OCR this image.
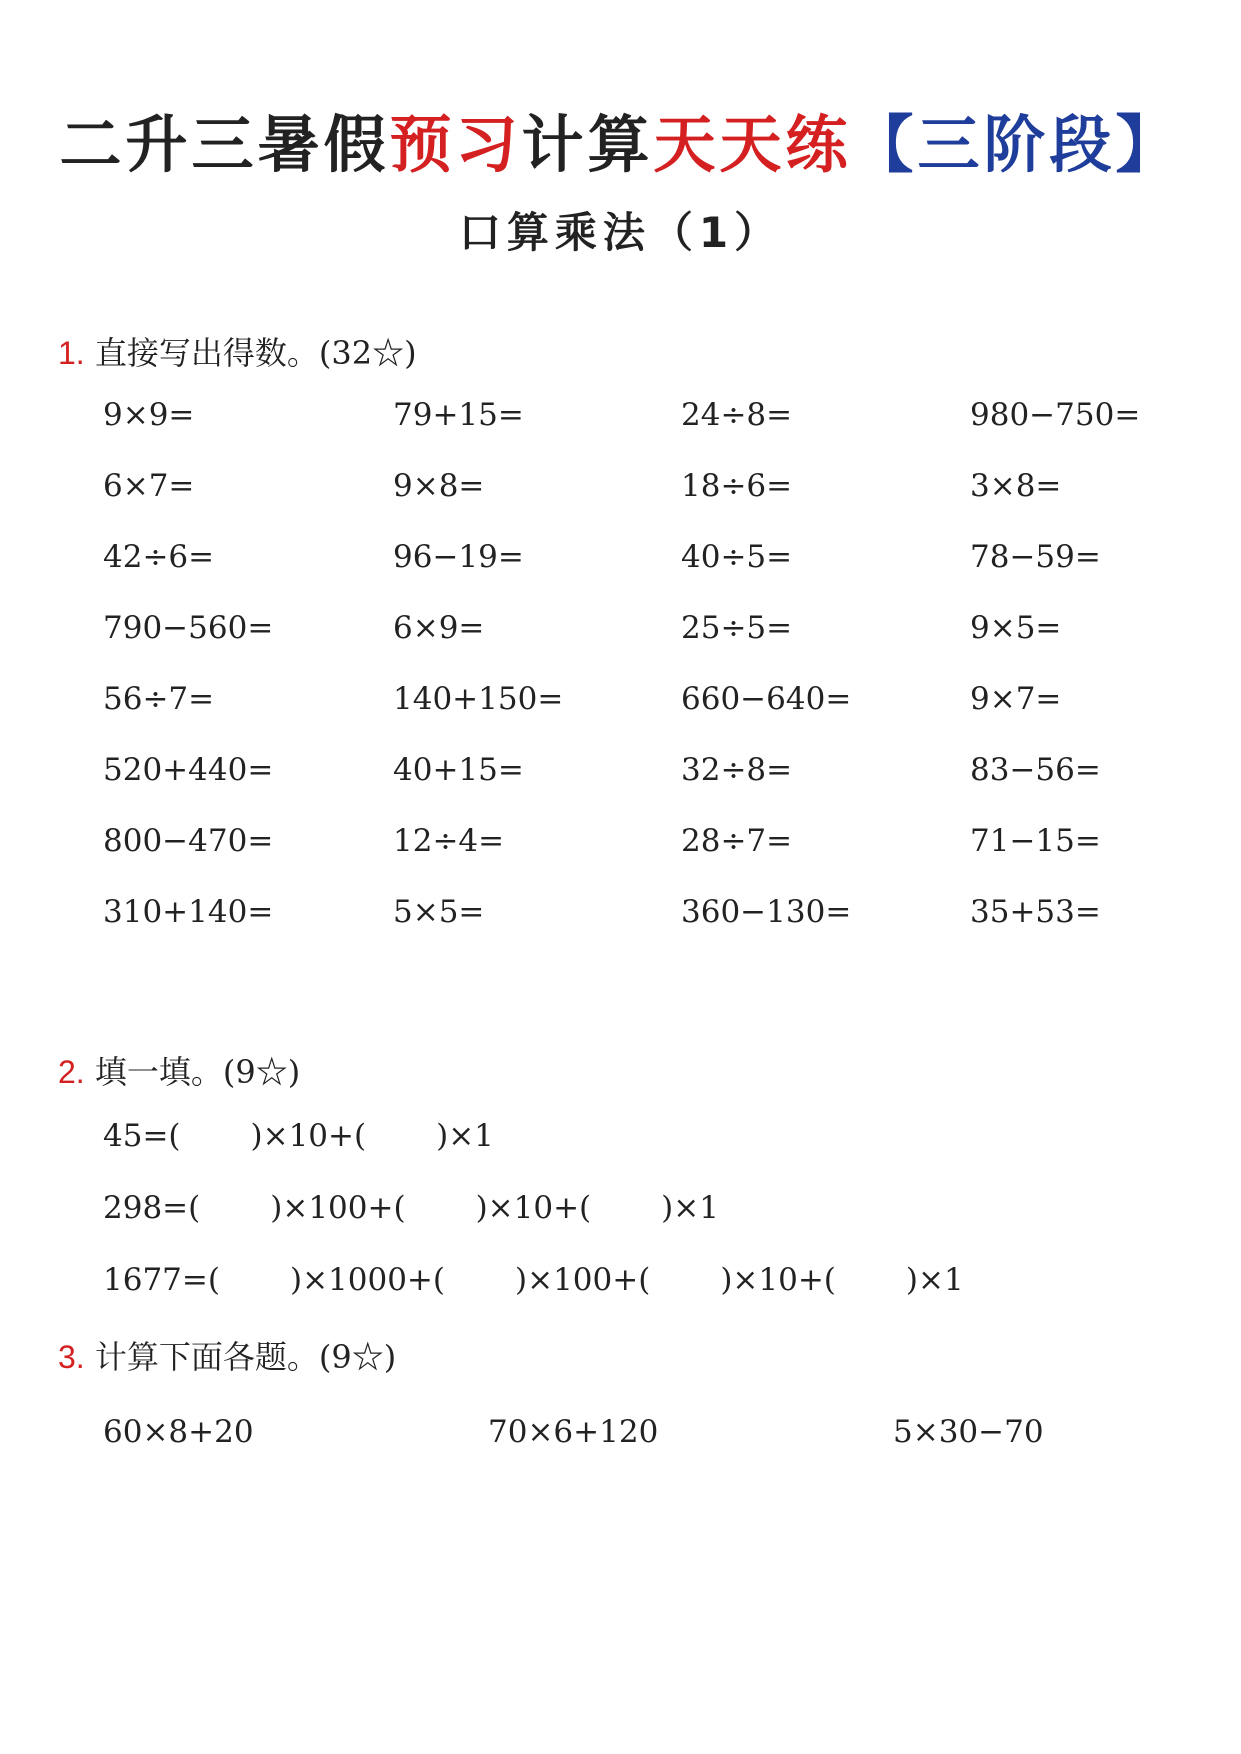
二升三暑假预习计算天天练【三阶段】
口算乘法（1）
1. 直接写出得数。(32☆)
9×9=	79+15=	24÷8=	980−750=
6×7=	9×8=	18÷6=	3×8=
42÷6=	96−19=	40÷5=	78−59=
790−560=	6×9=	25÷5=	9×5=
56÷7=	140+150=	660−640=	9×7=
520+440=	40+15=	32÷8=	83−56=
800−470=	12÷4=	28÷7=	71−15=
310+140=	5×5=	360−130=	35+53=
2. 填一填。(9☆)
45=( )×10+( )×1
298=( )×100+( )×10+( )×1
1677=( )×1000+( )×100+( )×10+( )×1
3. 计算下面各题。(9☆)
60×8+20	70×6+120	5×30−70
